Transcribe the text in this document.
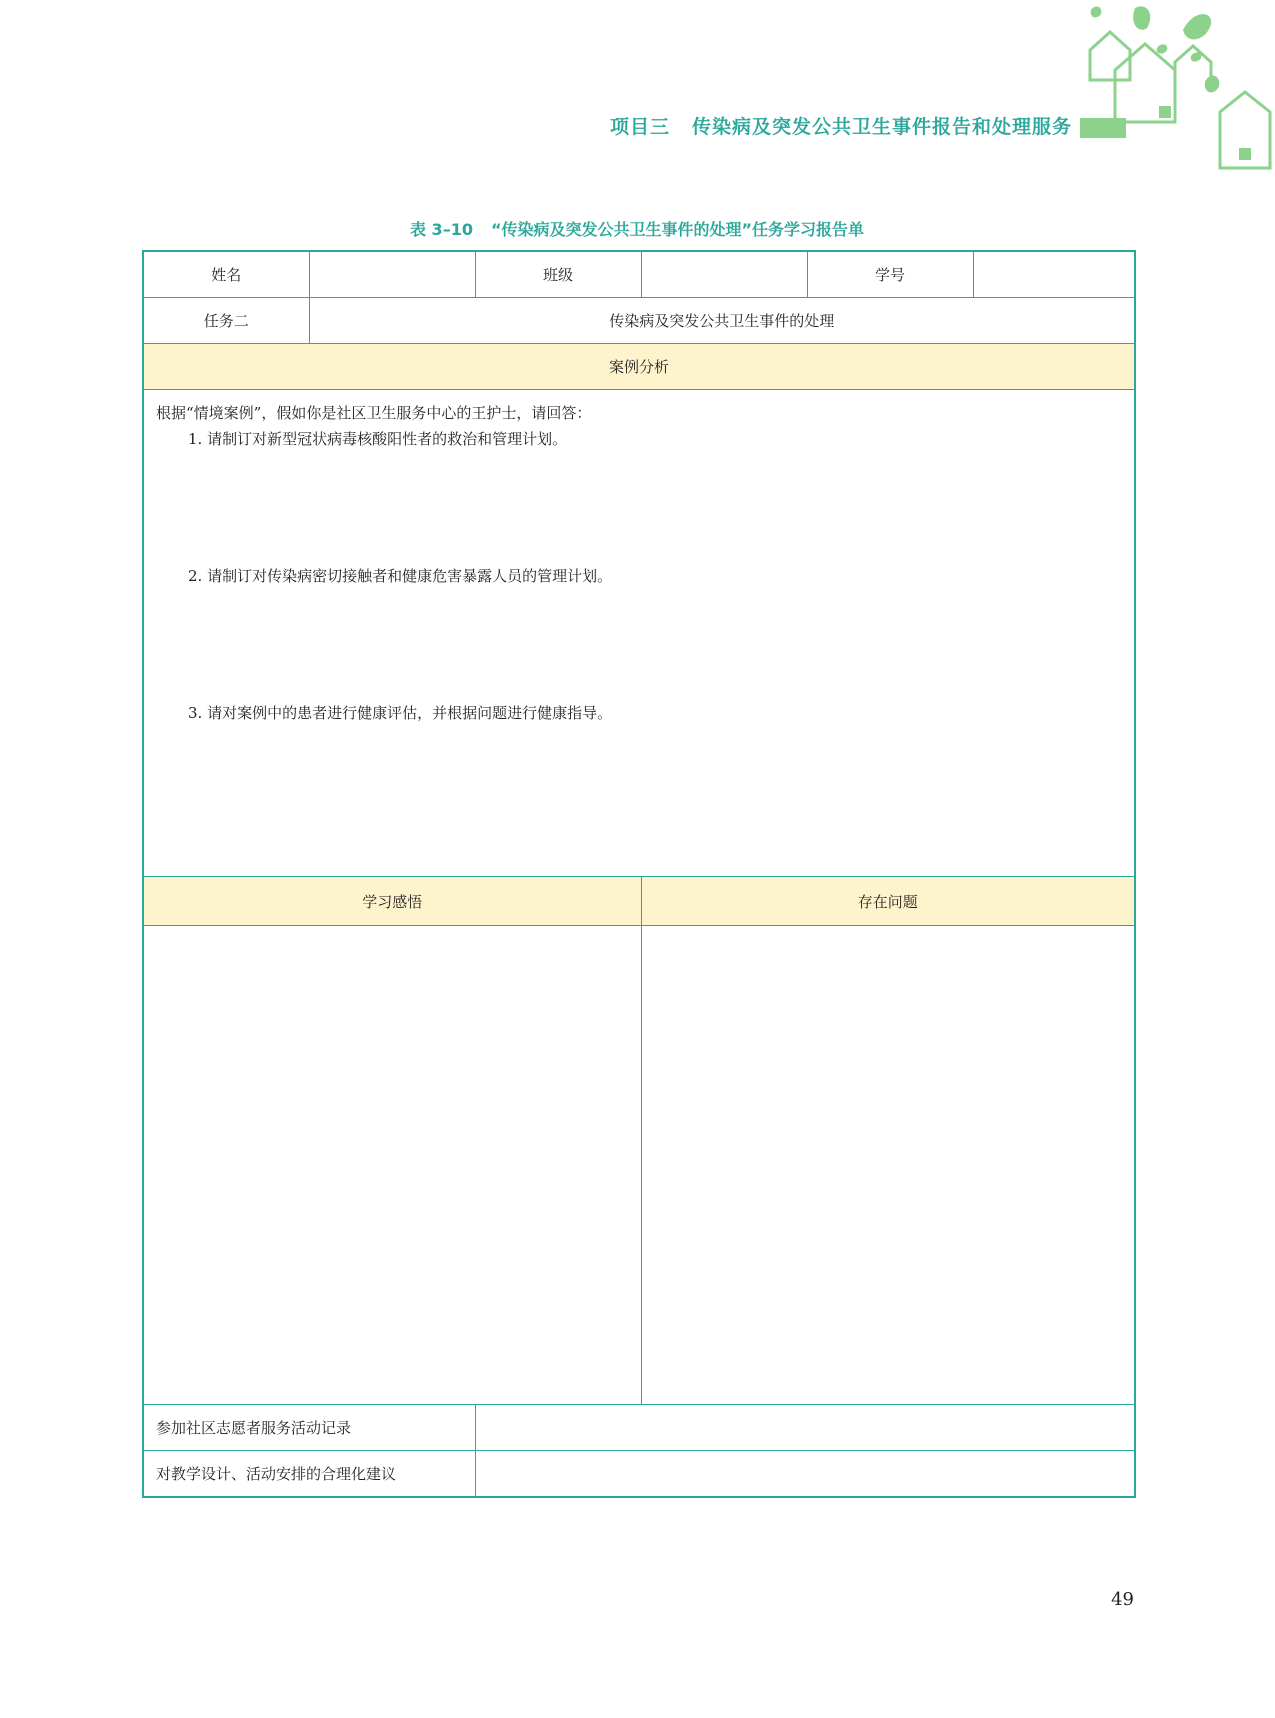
项目三 传染病及突发公共卫生事件报告和处理服务
表 3–10 “传染病及突发公共卫生事件的处理”任务学习报告单
姓名		班级		学号	
任务二	传染病及突发公共卫生事件的处理				
案例分析					

根据“情境案例”，假如你是社区卫生服务中心的王护士，请回答：
1. 请制订对新型冠状病毒核酸阳性者的救治和管理计划。
2. 请制订对传染病密切接触者和健康危害暴露人员的管理计划。
3. 请对案例中的患者进行健康评估，并根据问题进行健康指导。					

学习感悟			存在问题		

参加社区志愿者服务活动记录					
对教学设计、活动安排的合理化建议					
49
